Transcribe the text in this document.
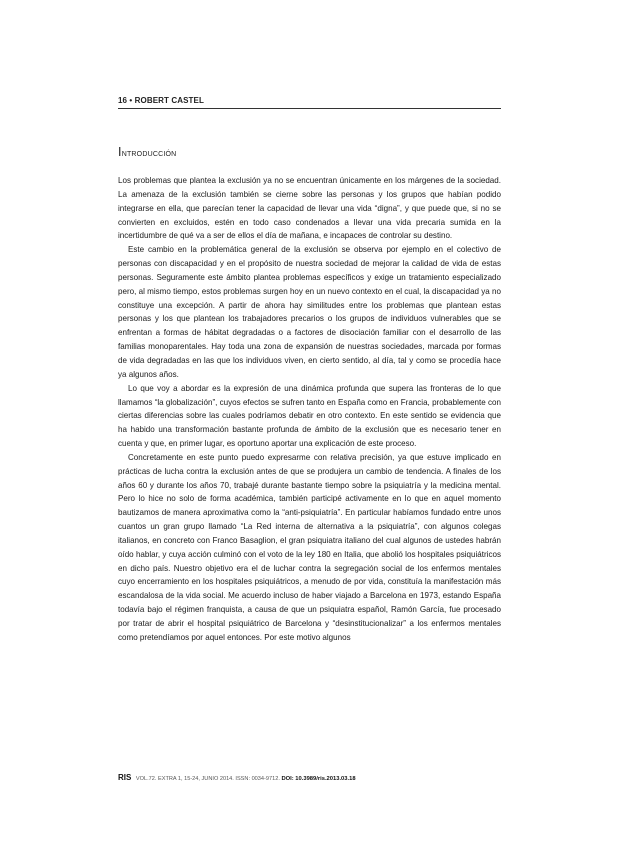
16 • ROBERT CASTEL
Introducción

Los problemas que plantea la exclusión ya no se encuentran únicamente en los márgenes de la sociedad. La amenaza de la exclusión también se cierne sobre las personas y los grupos que habían podido integrarse en ella, que parecían tener la capacidad de llevar una vida “digna”, y que puede que, si no se convierten en excluidos, estén en todo caso condenados a llevar una vida precaria sumida en la incertidumbre de qué va a ser de ellos el día de mañana, e incapaces de controlar su destino.

Este cambio en la problemática general de la exclusión se observa por ejemplo en el colectivo de personas con discapacidad y en el propósito de nuestra sociedad de mejorar la calidad de vida de estas personas. Seguramente este ámbito plantea problemas específicos y exige un tratamiento especializado pero, al mismo tiempo, estos problemas surgen hoy en un nuevo contexto en el cual, la discapacidad ya no constituye una excepción. A partir de ahora hay similitudes entre los problemas que plantean estas personas y los que plantean los trabajadores precarios o los grupos de individuos vulnerables que se enfrentan a formas de hábitat degradadas o a factores de disociación familiar con el desarrollo de las familias monoparentales. Hay toda una zona de expansión de nuestras sociedades, marcada por formas de vida degradadas en las que los individuos viven, en cierto sentido, al día, tal y como se procedía hace ya algunos años.

Lo que voy a abordar es la expresión de una dinámica profunda que supera las fronteras de lo que llamamos “la globalización”, cuyos efectos se sufren tanto en España como en Francia, probablemente con ciertas diferencias sobre las cuales podríamos debatir en otro contexto. En este sentido se evidencia que ha habido una transformación bastante profunda de ámbito de la exclusión que es necesario tener en cuenta y que, en primer lugar, es oportuno aportar una explicación de este proceso.

Concretamente en este punto puedo expresarme con relativa precisión, ya que estuve implicado en prácticas de lucha contra la exclusión antes de que se produjera un cambio de tendencia. A finales de los años 60 y durante los años 70, trabajé durante bastante tiempo sobre la psiquiatría y la medicina mental. Pero lo hice no solo de forma académica, también participé activamente en lo que en aquel momento bautizamos de manera aproximativa como la “anti-psiquiatría”. En particular habíamos fundado entre unos cuantos un gran grupo llamado “La Red interna de alternativa a la psiquiatría”, con algunos colegas italianos, en concreto con Franco Basaglion, el gran psiquiatra italiano del cual algunos de ustedes habrán oído hablar, y cuya acción culminó con el voto de la ley 180 en Italia, que abolió los hospitales psiquiátricos en dicho país. Nuestro objetivo era el de luchar contra la segregación social de los enfermos mentales cuyo encerramiento en los hospitales psiquiátricos, a menudo de por vida, constituía la manifestación más escandalosa de la vida social. Me acuerdo incluso de haber viajado a Barcelona en 1973, estando España todavía bajo el régimen franquista, a causa de que un psiquiatra español, Ramón García, fue procesado por tratar de abrir el hospital psiquiátrico de Barcelona y “desinstitucionalizar” a los enfermos mentales como pretendíamos por aquel entonces. Por este motivo algunos

RIS VOL.72. EXTRA 1, 15-24, JUNIO 2014. ISSN: 0034-9712. DOI: 10.3989/ris.2013.03.18
